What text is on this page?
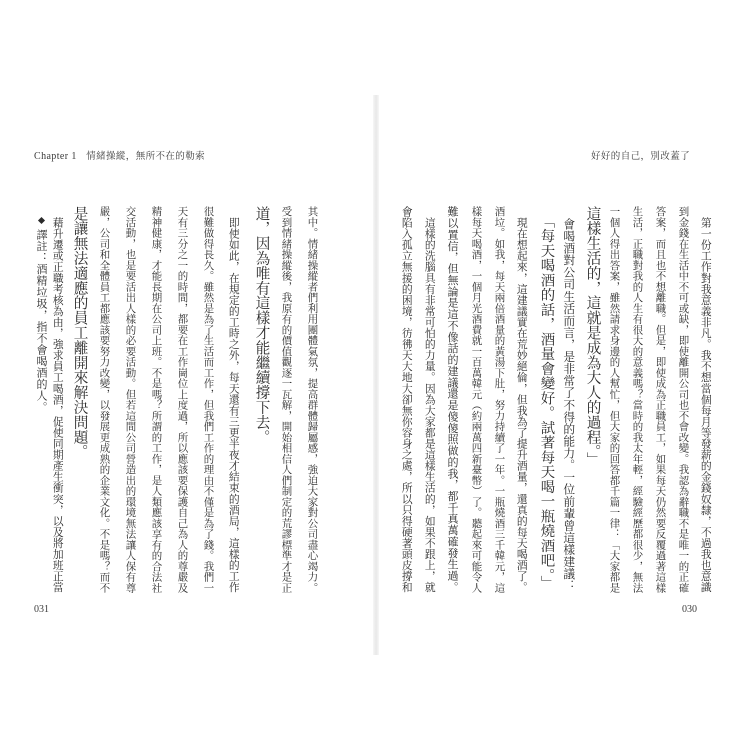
Chapter 1 情緒操縱，無所不在的勒索
其中。情緒操縱者們利用團體氣氛，提高群體歸屬感，強迫大家對公司盡心竭力。
受到情緒操縱後，我原有的價值觀逐一瓦解，開始相信人們制定的荒謬標準才是正
道，因為唯有這樣才能繼續撐下去。
　即使如此，在規定的工時之外，每天還有三更半夜才結束的酒局，這樣的工作
很難做得長久。雖然是為了生活而工作，但我們工作的理由不僅是為了錢。我們一
天有三分之一的時間，都要在工作崗位上度過，所以應該要保護自己為人的尊嚴及
精神健康，才能長期在公司上班。不是嗎？所謂的工作，是人類應該享有的合法社
交活動，也是要活出人樣的必要活動。但若這間公司營造出的環境無法讓人保有尊
嚴，公司和全體員工都應該要努力改變，以發展更成熟的企業文化。不是嗎？而不
是讓無法適應的員工離開來解決問題。
　藉升遷或正職考核為由，強求員工喝酒，促使同期產生衝突，以及將加班正當
譯註：酒精垃圾，指不會喝酒的人。
031
好好的自己，別改蓋了
　第一份工作對我意義非凡。我不想當個每月等發薪的金錢奴隸，不過我也意識
到金錢在生活中不可或缺，即使離開公司也不會改變。我認為辭職不是唯一的正確
答案，而且也不想離職。但是，即使成為正職員工，如果每天仍然要反覆過著這樣
生活，正職對我的人生有很大的意義嗎？當時的我太年輕，經驗經歷都很少，無法
一個人得出答案，雖然請求身邊的人幫忙，但大家的回答都千篇一律：「大家都是
這樣生活的，這就是成為大人的過程。」
　會喝酒對公司生活而言，是非常了不得的能力。一位前輩曾這樣建議：
　「每天喝酒的話，酒量會變好。試著每天喝一瓶燒酒吧。」
　現在想起來，這建議實在荒妙絕倫，但我為了提升酒量，還真的每天喝酒了。
酒垃。如我，每天兩倍酒量的黃湯下肚，努力持續了一年。一瓶燒酒三千韓元，這
樣每天喝酒，一個月光酒費就一百萬韓元（約兩萬四新臺幣）了。聽起來可能令人
難以置信，但無論是這不像話的建議還是傻傻照做的我，都千真萬確發生過。
　這樣的洗腦具有非常可怕的力量。因為大家都是這樣生活的，如果不跟上，就
會陷入孤立無援的困境，彷彿天大地大卻無你容身之處，所以只得硬著頭皮撐和
030
